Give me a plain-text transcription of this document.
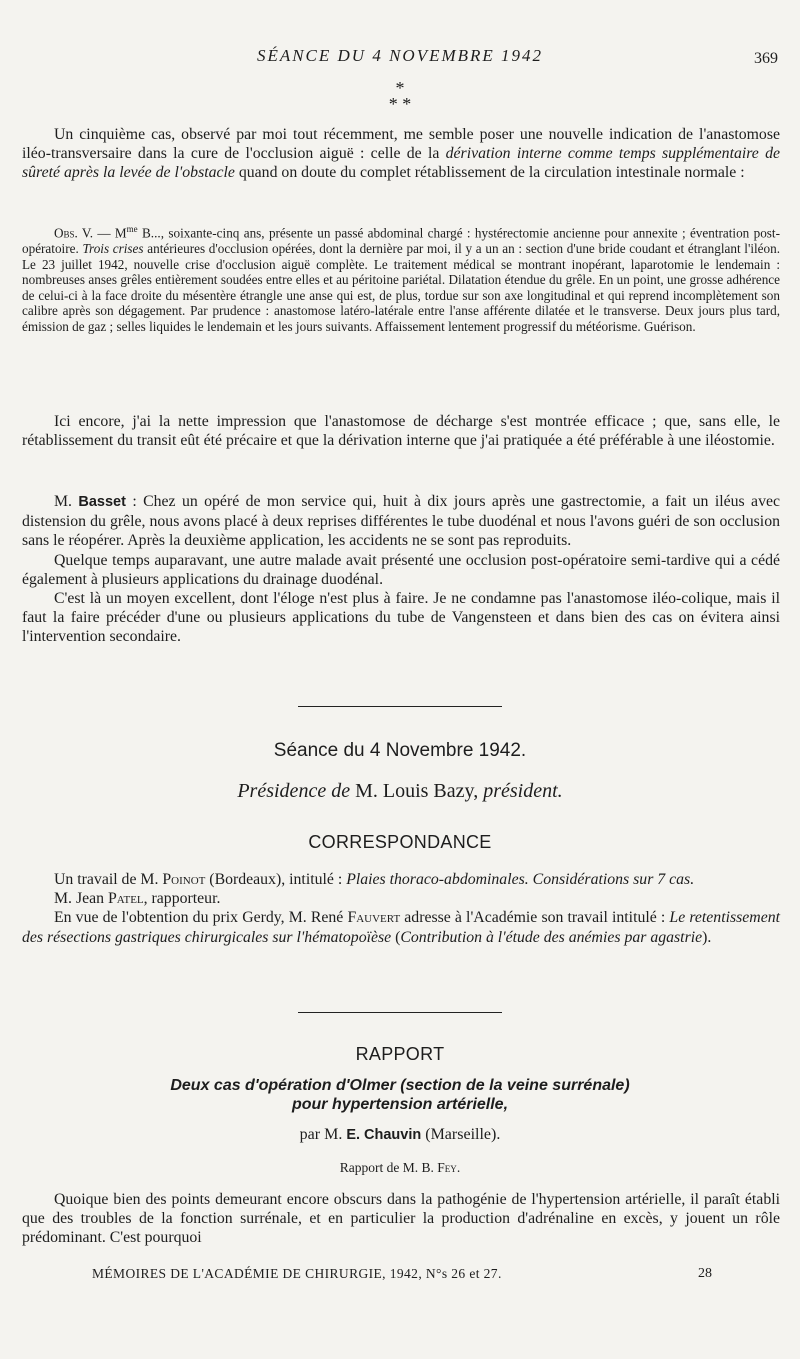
SÉANCE DU 4 NOVEMBRE 1942	369
*
* *

Un cinquième cas, observé par moi tout récemment, me semble poser une nouvelle indication de l'anastomose iléo-transversaire dans la cure de l'occlusion aiguë : celle de la dérivation interne comme temps supplémentaire de sûreté après la levée de l'obstacle quand on doute du complet rétablissement de la circulation intestinale normale :

Obs. V. — $M^{me}$ B..., soixante-cinq ans, présente un passé abdominal chargé : hystérectomie ancienne pour annexite ; éventration post-opératoire. Trois crises antérieures d'occlusion opérées, dont la dernière par moi, il y a un an : section d'une bride coudant et étranglant l'iléon. Le 23 juillet 1942, nouvelle crise d'occlusion aiguë complète. Le traitement médical se montrant inopérant, laparotomie le lendemain : nombreuses anses grêles entièrement soudées entre elles et au péritoine pariétal. Dilatation étendue du grêle. En un point, une grosse adhérence de celui-ci à la face droite du mésentère étrangle une anse qui est, de plus, tordue sur son axe longitudinal et qui reprend incomplètement son calibre après son dégagement. Par prudence : anastomose latéro-latérale entre l'anse afférente dilatée et le transverse. Deux jours plus tard, émission de gaz ; selles liquides le lendemain et les jours suivants. Affaissement lentement progressif du météorisme. Guérison.

Ici encore, j'ai la nette impression que l'anastomose de décharge s'est montrée efficace ; que, sans elle, le rétablissement du transit eût été précaire et que la dérivation interne que j'ai pratiquée a été préférable à une iléostomie.

M. Basset : Chez un opéré de mon service qui, huit à dix jours après une gastrectomie, a fait un iléus avec distension du grêle, nous avons placé à deux reprises différentes le tube duodénal et nous l'avons guéri de son occlusion sans le réopérer. Après la deuxième application, les accidents ne se sont pas reproduits.

Quelque temps auparavant, une autre malade avait présenté une occlusion post-opératoire semi-tardive qui a cédé également à plusieurs applications du drainage duodénal.

C'est là un moyen excellent, dont l'éloge n'est plus à faire. Je ne condamne pas l'anastomose iléo-colique, mais il faut la faire précéder d'une ou plusieurs applications du tube de Vangensteen et dans bien des cas on évitera ainsi l'intervention secondaire.

Séance du 4 Novembre 1942.
Présidence de M. Louis Bazy, président.
CORRESPONDANCE

Un travail de M. Poinot (Bordeaux), intitulé : Plaies thoraco-abdominales. Considérations sur 7 cas.

M. Jean Patel, rapporteur.

En vue de l'obtention du prix Gerdy, M. René Fauvert adresse à l'Académie son travail intitulé : Le retentissement des résections gastriques chirurgicales sur l'hématopoïèse (Contribution à l'étude des anémies par agastrie).

RAPPORT
Deux cas d'opération d'Olmer (section de la veine surrénale)
pour hypertension artérielle,
par M. E. Chauvin (Marseille).
Rapport de M. B. Fey.

Quoique bien des points demeurant encore obscurs dans la pathogénie de l'hypertension artérielle, il paraît établi que des troubles de la fonction surrénale, et en particulier la production d'adrénaline en excès, y jouent un rôle prédominant. C'est pourquoi

MÉMOIRES DE L'ACADÉMIE DE CHIRURGIE, 1942, N°s 26 et 27.	28
